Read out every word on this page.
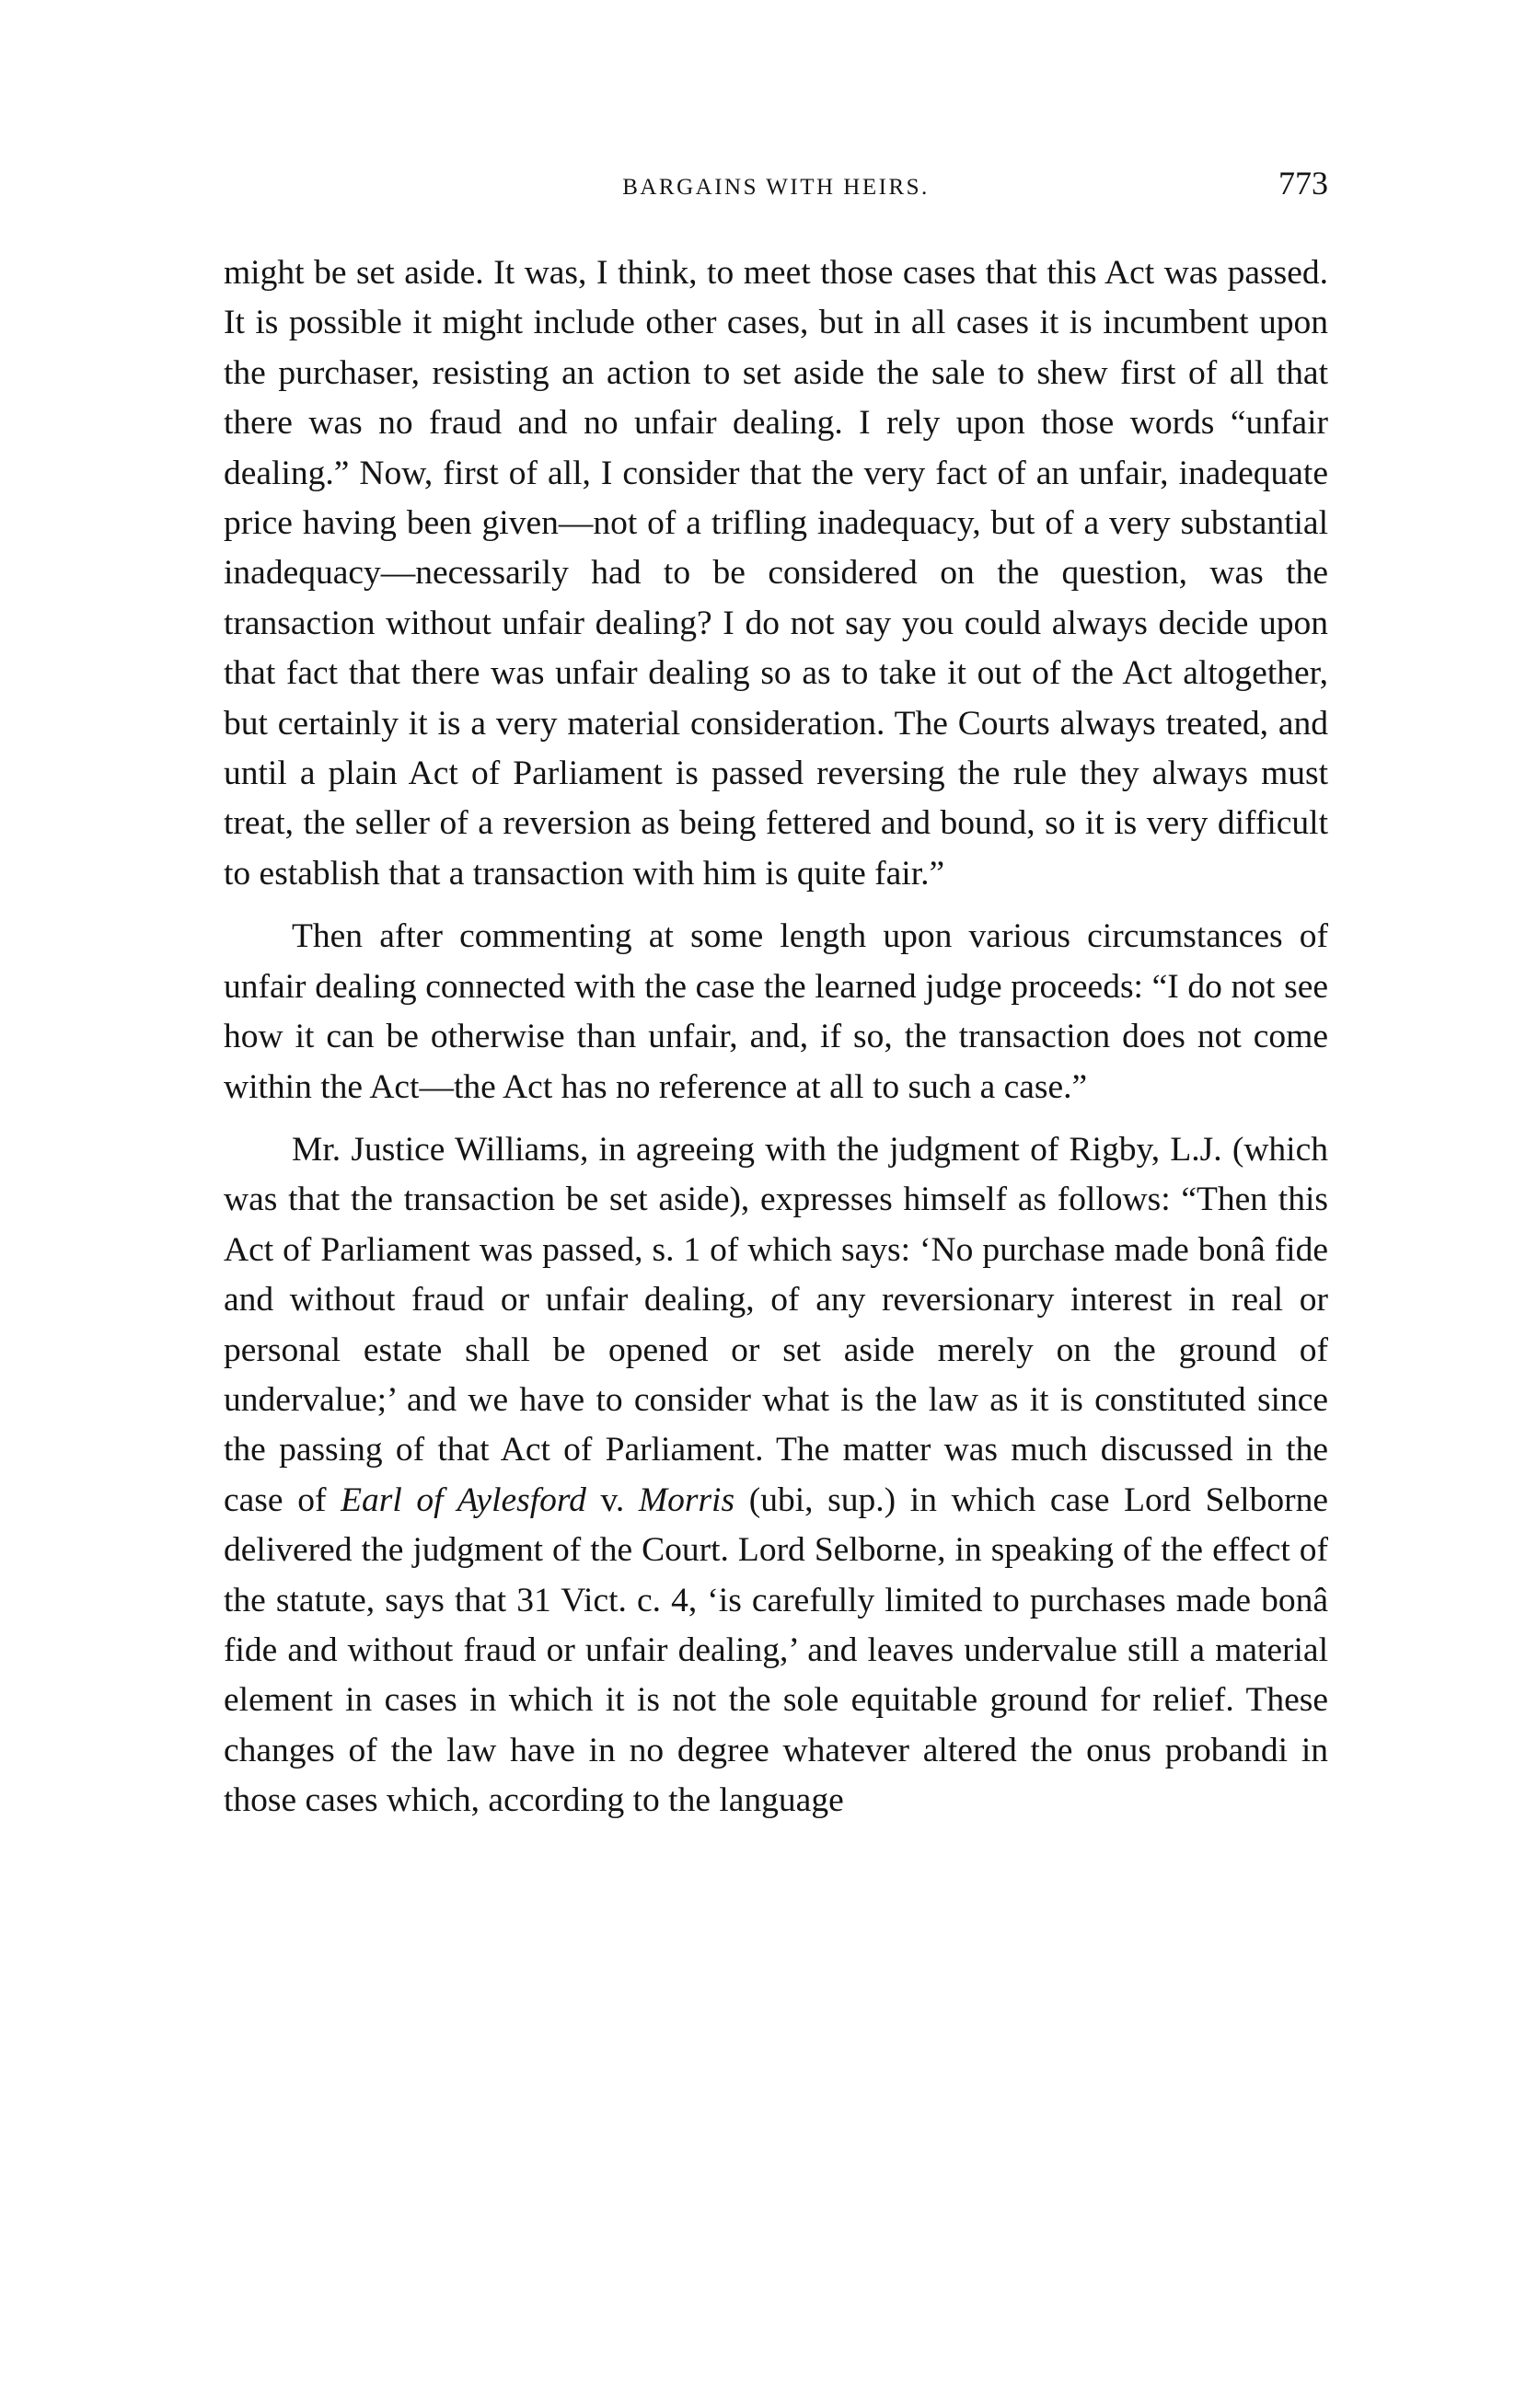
BARGAINS WITH HEIRS.	773

might be set aside. It was, I think, to meet those cases that this Act was passed. It is possible it might include other cases, but in all cases it is incumbent upon the purchaser, resisting an action to set aside the sale to shew first of all that there was no fraud and no unfair dealing. I rely upon those words “unfair dealing.” Now, first of all, I consider that the very fact of an unfair, inadequate price having been given—not of a trifling inadequacy, but of a very substantial inadequacy—necessarily had to be considered on the question, was the transaction without unfair dealing? I do not say you could always decide upon that fact that there was unfair dealing so as to take it out of the Act altogether, but certainly it is a very material consideration. The Courts always treated, and until a plain Act of Parliament is passed reversing the rule they always must treat, the seller of a reversion as being fettered and bound, so it is very difficult to establish that a transaction with him is quite fair.”

Then after commenting at some length upon various circumstances of unfair dealing connected with the case the learned judge proceeds: “I do not see how it can be otherwise than unfair, and, if so, the transaction does not come within the Act—the Act has no reference at all to such a case.”

Mr. Justice Williams, in agreeing with the judgment of Rigby, L.J. (which was that the transaction be set aside), expresses himself as follows: “Then this Act of Parliament was passed, s. 1 of which says: ‘No purchase made bonâ fide and without fraud or unfair dealing, of any reversionary interest in real or personal estate shall be opened or set aside merely on the ground of undervalue;’ and we have to consider what is the law as it is constituted since the passing of that Act of Parliament. The matter was much discussed in the case of Earl of Aylesford v. Morris (ubi, sup.) in which case Lord Selborne delivered the judgment of the Court. Lord Selborne, in speaking of the effect of the statute, says that 31 Vict. c. 4, ‘is carefully limited to purchases made bonâ fide and without fraud or unfair dealing,’ and leaves undervalue still a material element in cases in which it is not the sole equitable ground for relief. These changes of the law have in no degree whatever altered the onus probandi in those cases which, according to the language
